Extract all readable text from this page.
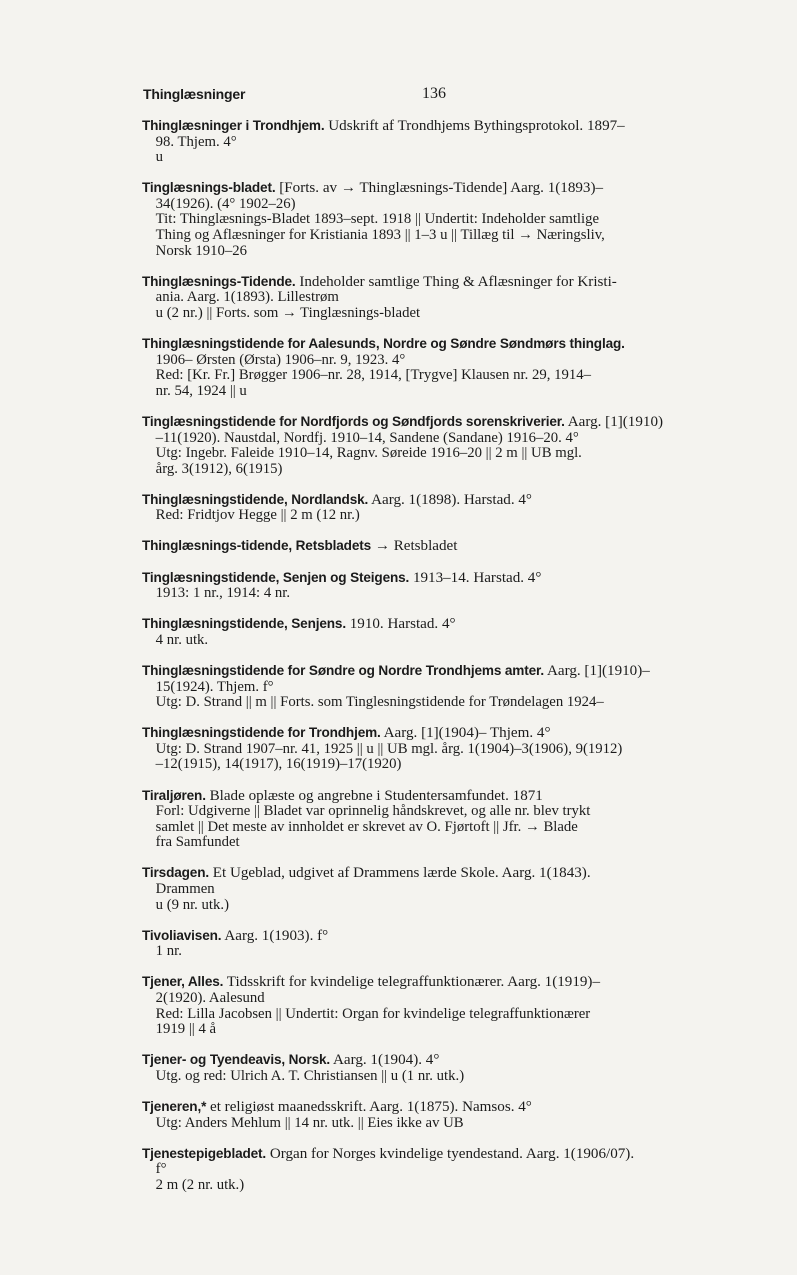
Thinglæsninger	136
Thinglæsninger i Trondhjem. Udskrift af Trondhjems Bythingsprotokol. 1897–
98. Thjem. 4°
u
Tinglæsnings-bladet. [Forts. av → Thinglæsnings-Tidende] Aarg. 1(1893)–
34(1926). (4° 1902–26)
Tit: Thinglæsnings-Bladet 1893–sept. 1918 || Undertit: Indeholder samtlige
Thing og Aflæsninger for Kristiania 1893 || 1–3 u || Tillæg til → Næringsliv,
Norsk 1910–26
Thinglæsnings-Tidende. Indeholder samtlige Thing & Aflæsninger for Kristi-
ania. Aarg. 1(1893). Lillestrøm
u (2 nr.) || Forts. som → Tinglæsnings-bladet
Thinglæsningstidende for Aalesunds, Nordre og Søndre Søndmørs thinglag.
1906– Ørsten (Ørsta) 1906–nr. 9, 1923. 4°
Red: [Kr. Fr.] Brøgger 1906–nr. 28, 1914, [Trygve] Klausen nr. 29, 1914–
nr. 54, 1924 || u
Tinglæsningstidende for Nordfjords og Søndfjords sorenskriverier. Aarg. [1](1910)
–11(1920). Naustdal, Nordfj. 1910–14, Sandene (Sandane) 1916–20. 4°
Utg: Ingebr. Faleide 1910–14, Ragnv. Søreide 1916–20 || 2 m || UB mgl.
årg. 3(1912), 6(1915)
Thinglæsningstidende, Nordlandsk. Aarg. 1(1898). Harstad. 4°
Red: Fridtjov Hegge || 2 m (12 nr.)
Thinglæsnings-tidende, Retsbladets → Retsbladet
Tinglæsningstidende, Senjen og Steigens. 1913–14. Harstad. 4°
1913: 1 nr., 1914: 4 nr.
Thinglæsningstidende, Senjens. 1910. Harstad. 4°
4 nr. utk.
Thinglæsningstidende for Søndre og Nordre Trondhjems amter. Aarg. [1](1910)–
15(1924). Thjem. f°
Utg: D. Strand || m || Forts. som Tinglesningstidende for Trøndelagen 1924–
Thinglæsningstidende for Trondhjem. Aarg. [1](1904)– Thjem. 4°
Utg: D. Strand 1907–nr. 41, 1925 || u || UB mgl. årg. 1(1904)–3(1906), 9(1912)
–12(1915), 14(1917), 16(1919)–17(1920)
Tiraljøren. Blade oplæste og angrebne i Studentersamfundet. 1871
Forl: Udgiverne || Bladet var oprinnelig håndskrevet, og alle nr. blev trykt
samlet || Det meste av innholdet er skrevet av O. Fjørtoft || Jfr. → Blade
fra Samfundet
Tirsdagen. Et Ugeblad, udgivet af Drammens lærde Skole. Aarg. 1(1843).
Drammen
u (9 nr. utk.)
Tivoliavisen. Aarg. 1(1903). f°
1 nr.
Tjener, Alles. Tidsskrift for kvindelige telegraffunktionærer. Aarg. 1(1919)–
2(1920). Aalesund
Red: Lilla Jacobsen || Undertit: Organ for kvindelige telegraffunktionærer
1919 || 4 å
Tjener- og Tyendeavis, Norsk. Aarg. 1(1904). 4°
Utg. og red: Ulrich A. T. Christiansen || u (1 nr. utk.)
Tjeneren,* et religiøst maanedsskrift. Aarg. 1(1875). Namsos. 4°
Utg: Anders Mehlum || 14 nr. utk. || Eies ikke av UB
Tjenestepigebladet. Organ for Norges kvindelige tyendestand. Aarg. 1(1906/07).
f°
2 m (2 nr. utk.)
